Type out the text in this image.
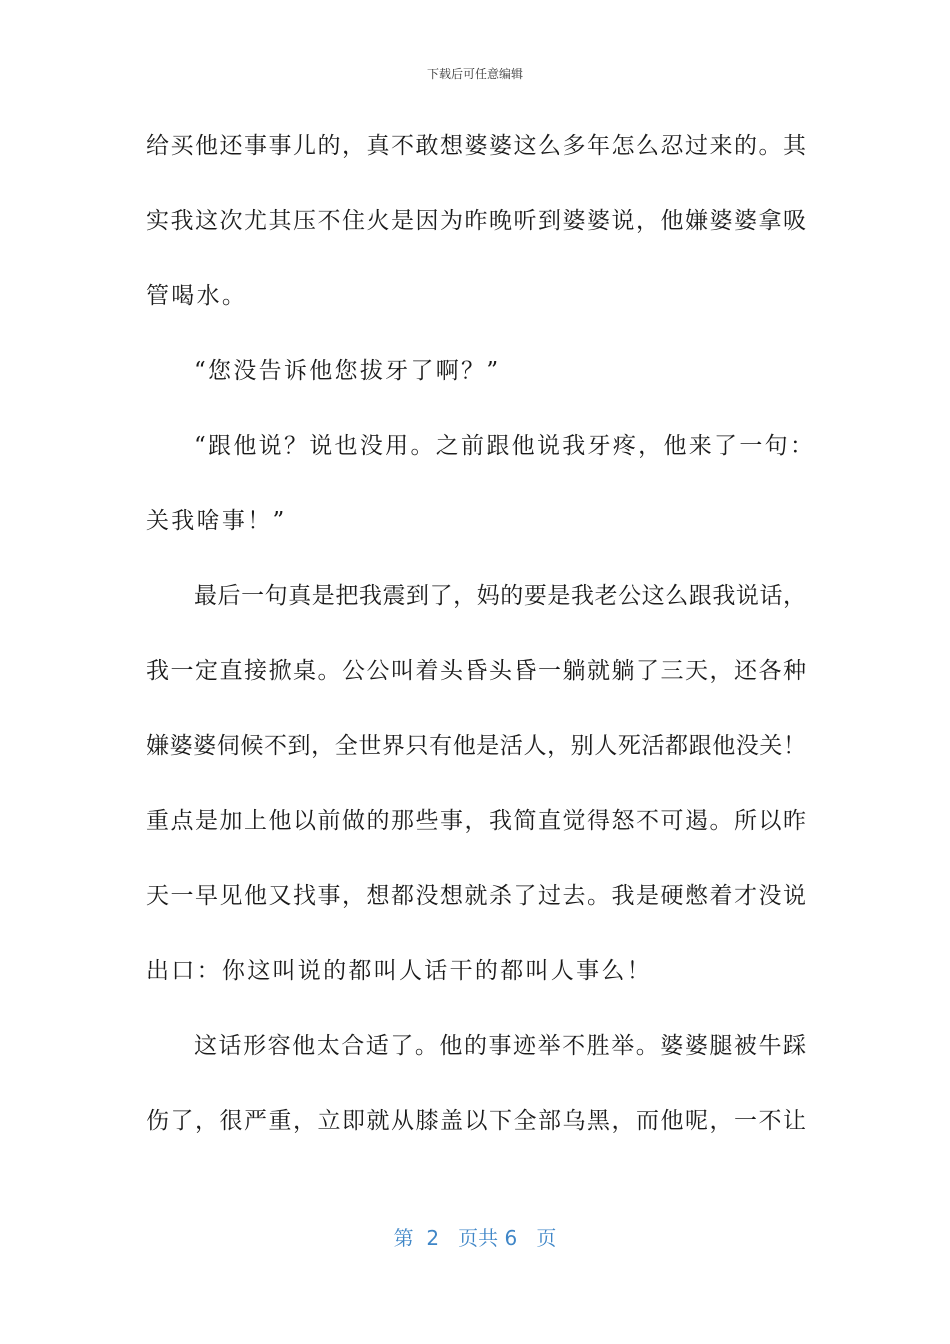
下载后可任意编辑
给买他还事事儿的，真不敢想婆婆这么多年怎么忍过来的。其
实我这次尤其压不住火是因为昨晚听到婆婆说，他嫌婆婆拿吸
管喝水。
“您没告诉他您拔牙了啊？”
“跟他说？说也没用。之前跟他说我牙疼，他来了一句：
关我啥事！”
最后一句真是把我震到了，妈的要是我老公这么跟我说话，
我一定直接掀桌。公公叫着头昏头昏一躺就躺了三天，还各种
嫌婆婆伺候不到，全世界只有他是活人，别人死活都跟他没关！
重点是加上他以前做的那些事，我简直觉得怒不可遏。所以昨
天一早见他又找事，想都没想就杀了过去。我是硬憋着才没说
出口：你这叫说的都叫人话干的都叫人事么！
这话形容他太合适了。他的事迹举不胜举。婆婆腿被牛踩
伤了，很严重，立即就从膝盖以下全部乌黑，而他呢，一不让
第  2   页共 6   页
